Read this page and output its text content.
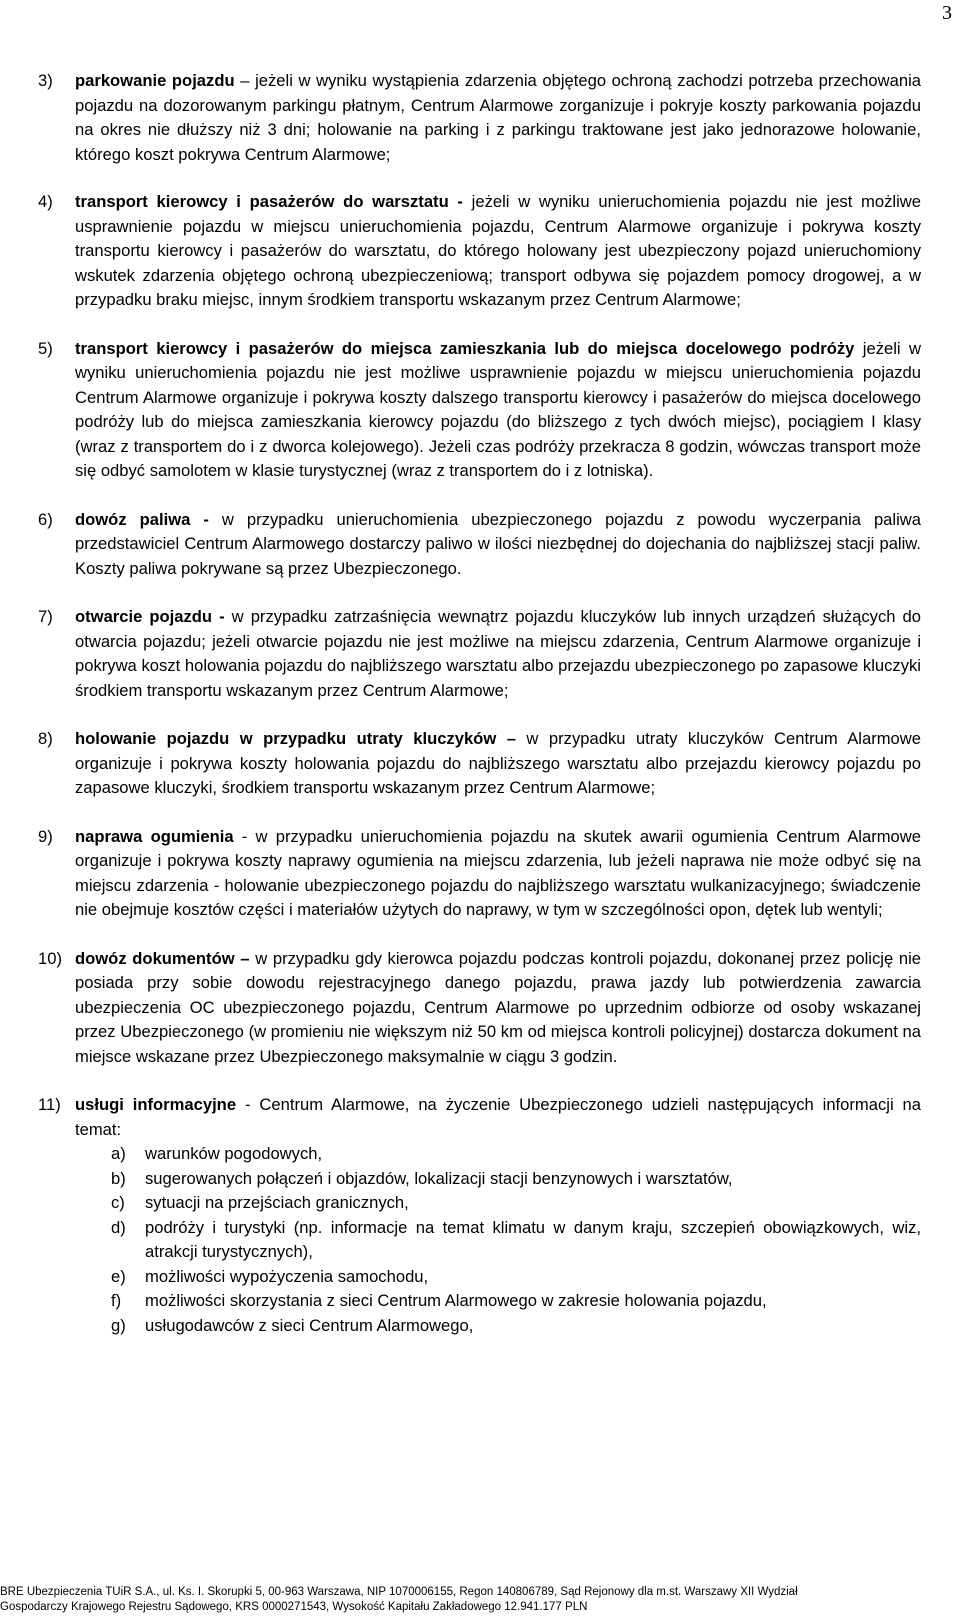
3
3)	parkowanie pojazdu – jeżeli w wyniku wystąpienia zdarzenia objętego ochroną zachodzi potrzeba przechowania pojazdu na dozorowanym parkingu płatnym, Centrum Alarmowe zorganizuje i pokryje koszty parkowania pojazdu na okres nie dłuższy niż 3 dni; holowanie na parking i z parkingu traktowane jest jako jednorazowe holowanie, którego koszt pokrywa Centrum Alarmowe;
4)	transport kierowcy i pasażerów do warsztatu - jeżeli w wyniku unieruchomienia pojazdu nie jest możliwe usprawnienie pojazdu w miejscu unieruchomienia pojazdu, Centrum Alarmowe organizuje i pokrywa koszty transportu kierowcy i pasażerów do warsztatu, do którego holowany jest ubezpieczony pojazd unieruchomiony wskutek zdarzenia objętego ochroną ubezpieczeniową; transport odbywa się pojazdem pomocy drogowej, a w przypadku braku miejsc, innym środkiem transportu wskazanym przez Centrum Alarmowe;
5)	transport kierowcy i pasażerów do miejsca zamieszkania lub do miejsca docelowego podróży jeżeli w wyniku unieruchomienia pojazdu nie jest możliwe usprawnienie pojazdu w miejscu unieruchomienia pojazdu Centrum Alarmowe organizuje i pokrywa koszty dalszego transportu kierowcy i pasażerów do miejsca docelowego podróży lub do miejsca zamieszkania kierowcy pojazdu (do bliższego z tych dwóch miejsc), pociągiem I klasy (wraz z transportem do i z dworca kolejowego). Jeżeli czas podróży przekracza 8 godzin, wówczas transport może się odbyć samolotem w klasie turystycznej (wraz z transportem do i z lotniska).
6)	dowóz paliwa - w przypadku unieruchomienia ubezpieczonego pojazdu z powodu wyczerpania paliwa przedstawiciel Centrum Alarmowego dostarczy paliwo w ilości niezbędnej do dojechania do najbliższej stacji paliw. Koszty paliwa pokrywane są przez Ubezpieczonego.
7)	otwarcie pojazdu - w przypadku zatrzaśnięcia wewnątrz pojazdu kluczyków lub innych urządzeń służących do otwarcia pojazdu; jeżeli otwarcie pojazdu nie jest możliwe na miejscu zdarzenia, Centrum Alarmowe organizuje i pokrywa koszt holowania pojazdu do najbliższego warsztatu albo przejazdu ubezpieczonego po zapasowe kluczyki środkiem transportu wskazanym przez Centrum Alarmowe;
8)	holowanie pojazdu w przypadku utraty kluczyków – w przypadku utraty kluczyków Centrum Alarmowe organizuje i pokrywa koszty holowania pojazdu do najbliższego warsztatu albo przejazdu kierowcy pojazdu po zapasowe kluczyki, środkiem transportu wskazanym przez Centrum Alarmowe;
9)	naprawa ogumienia - w przypadku unieruchomienia pojazdu na skutek awarii ogumienia Centrum Alarmowe organizuje i pokrywa koszty naprawy ogumienia na miejscu zdarzenia, lub jeżeli naprawa nie może odbyć się na miejscu zdarzenia - holowanie ubezpieczonego pojazdu do najbliższego warsztatu wulkanizacyjnego; świadczenie nie obejmuje kosztów części i materiałów użytych do naprawy, w tym w szczególności opon, dętek lub wentyli;
10) dowóz dokumentów – w przypadku gdy kierowca pojazdu podczas kontroli pojazdu, dokonanej przez policję nie posiada przy sobie dowodu rejestracyjnego danego pojazdu, prawa jazdy lub potwierdzenia zawarcia ubezpieczenia OC ubezpieczonego pojazdu, Centrum Alarmowe po uprzednim odbiorze od osoby wskazanej przez Ubezpieczonego (w promieniu nie większym niż 50 km od miejsca kontroli policyjnej) dostarcza dokument na miejsce wskazane przez Ubezpieczonego maksymalnie w ciągu 3 godzin.
11) usługi informacyjne - Centrum Alarmowe, na życzenie Ubezpieczonego udzieli następujących informacji na temat:
a)	warunków pogodowych,
b)	sugerowanych połączeń i objazdów, lokalizacji stacji benzynowych i warsztatów,
c)	sytuacji na przejściach granicznych,
d)	podróży i turystyki (np. informacje na temat klimatu w danym kraju, szczepień obowiązkowych, wiz, atrakcji turystycznych),
e)	możliwości wypożyczenia samochodu,
f)	możliwości skorzystania z sieci Centrum Alarmowego w zakresie holowania pojazdu,
g)	usługodawców z sieci Centrum Alarmowego,
BRE Ubezpieczenia TUiR S.A., ul. Ks. I. Skorupki 5, 00-963 Warszawa, NIP 1070006155, Regon 140806789, Sąd Rejonowy dla m.st. Warszawy XII Wydział
Gospodarczy Krajowego Rejestru Sądowego, KRS 0000271543, Wysokość Kapitału Zakładowego 12.941.177 PLN
